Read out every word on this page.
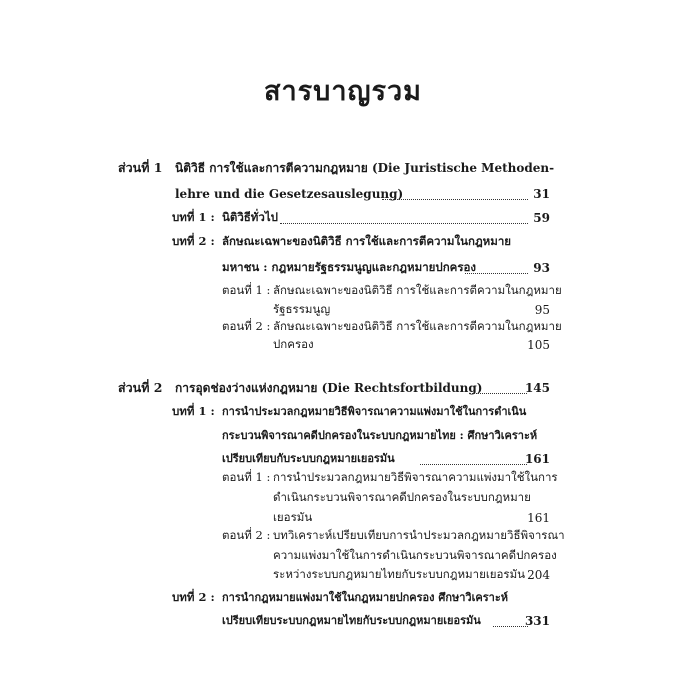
สารบาญรวม
ส่วนที่ 1 นิติวิธี การใช้และการตีความกฎหมาย (Die Juristische Methoden-
lehre und die Gesetzesauslegung)	31
บทที่ 1 : นิติวิธีทั่วไป	59
บทที่ 2 : ลักษณะเฉพาะของนิติวิธี การใช้และการตีความในกฎหมาย
มหาชน : กฎหมายรัฐธรรมนูญและกฎหมายปกครอง	93
ตอนที่ 1 : ลักษณะเฉพาะของนิติวิธี การใช้และการตีความในกฎหมาย
รัฐธรรมนูญ	95
ตอนที่ 2 : ลักษณะเฉพาะของนิติวิธี การใช้และการตีความในกฎหมาย
ปกครอง	105
ส่วนที่ 2 การอุดช่องว่างแห่งกฎหมาย (Die Rechtsfortbildung)	145
บทที่ 1 : การนำประมวลกฎหมายวิธีพิจารณาความแพ่งมาใช้ในการดำเนิน
กระบวนพิจารณาคดีปกครองในระบบกฎหมายไทย : ศึกษาวิเคราะห์
เปรียบเทียบกับระบบกฎหมายเยอรมัน	161
ตอนที่ 1 : การนำประมวลกฎหมายวิธีพิจารณาความแพ่งมาใช้ในการ
ดำเนินกระบวนพิจารณาคดีปกครองในระบบกฎหมาย
เยอรมัน	161
ตอนที่ 2 : บทวิเคราะห์เปรียบเทียบการนำประมวลกฎหมายวิธีพิจารณา
ความแพ่งมาใช้ในการดำเนินกระบวนพิจารณาคดีปกครอง
ระหว่างระบบกฎหมายไทยกับระบบกฎหมายเยอรมัน 204
บทที่ 2 : การนำกฎหมายแพ่งมาใช้ในกฎหมายปกครอง ศึกษาวิเคราะห์
เปรียบเทียบระบบกฎหมายไทยกับระบบกฎหมายเยอรมัน	331
